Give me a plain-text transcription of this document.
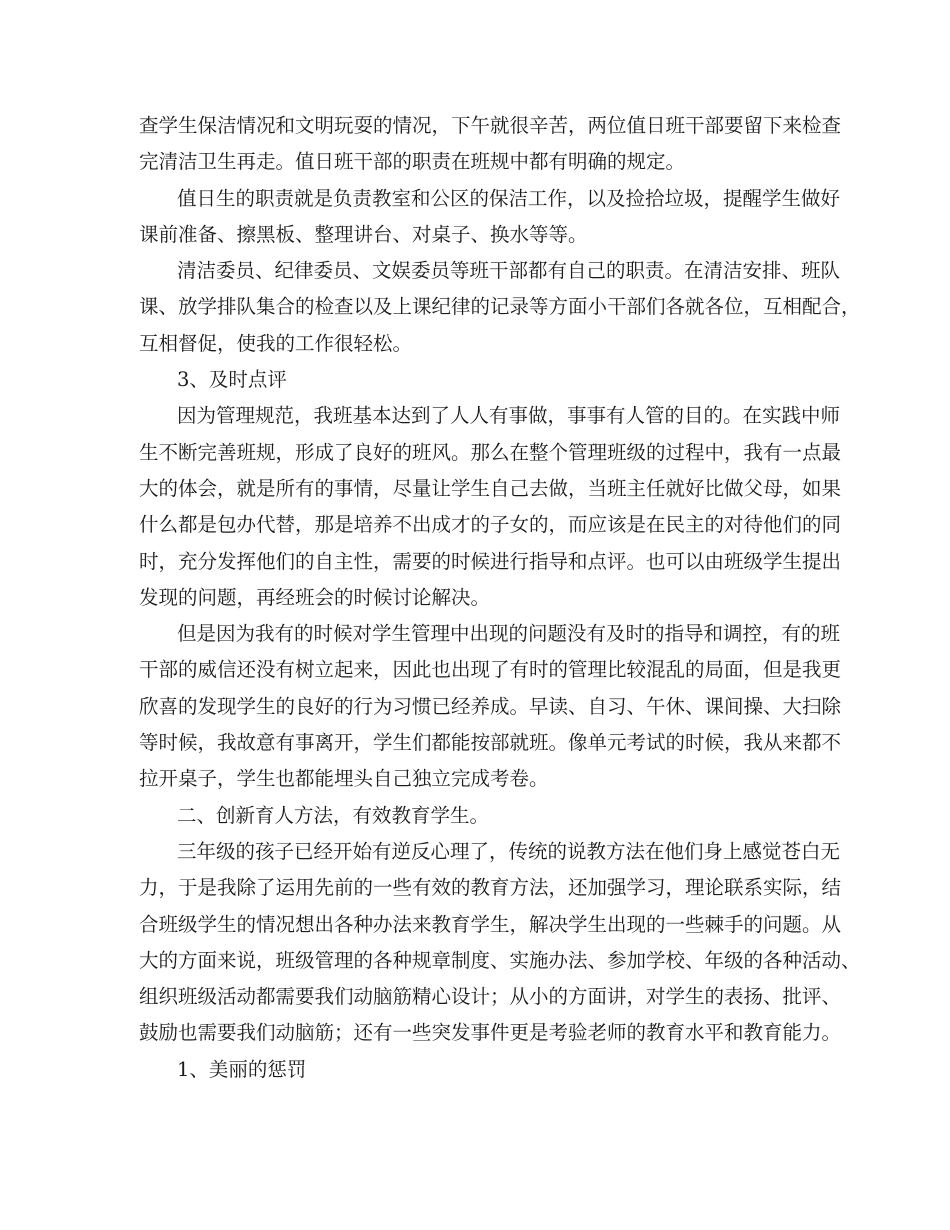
查学生保洁情况和文明玩耍的情况，下午就很辛苦，两位值日班干部要留下来检查
完清洁卫生再走。值日班干部的职责在班规中都有明确的规定。
值日生的职责就是负责教室和公区的保洁工作，以及捡拾垃圾，提醒学生做好
课前准备、擦黑板、整理讲台、对桌子、换水等等。
清洁委员、纪律委员、文娱委员等班干部都有自己的职责。在清洁安排、班队
课、放学排队集合的检查以及上课纪律的记录等方面小干部们各就各位，互相配合，
互相督促，使我的工作很轻松。
3、及时点评
因为管理规范，我班基本达到了人人有事做，事事有人管的目的。在实践中师
生不断完善班规，形成了良好的班风。那么在整个管理班级的过程中，我有一点最
大的体会，就是所有的事情，尽量让学生自己去做，当班主任就好比做父母，如果
什么都是包办代替，那是培养不出成才的子女的，而应该是在民主的对待他们的同
时，充分发挥他们的自主性，需要的时候进行指导和点评。也可以由班级学生提出
发现的问题，再经班会的时候讨论解决。
但是因为我有的时候对学生管理中出现的问题没有及时的指导和调控，有的班
干部的威信还没有树立起来，因此也出现了有时的管理比较混乱的局面，但是我更
欣喜的发现学生的良好的行为习惯已经养成。早读、自习、午休、课间操、大扫除
等时候，我故意有事离开，学生们都能按部就班。像单元考试的时候，我从来都不
拉开桌子，学生也都能埋头自己独立完成考卷。
二、创新育人方法，有效教育学生。
三年级的孩子已经开始有逆反心理了，传统的说教方法在他们身上感觉苍白无
力，于是我除了运用先前的一些有效的教育方法，还加强学习，理论联系实际，结
合班级学生的情况想出各种办法来教育学生，解决学生出现的一些棘手的问题。从
大的方面来说，班级管理的各种规章制度、实施办法、参加学校、年级的各种活动、
组织班级活动都需要我们动脑筋精心设计；从小的方面讲，对学生的表扬、批评、
鼓励也需要我们动脑筋；还有一些突发事件更是考验老师的教育水平和教育能力。
1、美丽的惩罚
